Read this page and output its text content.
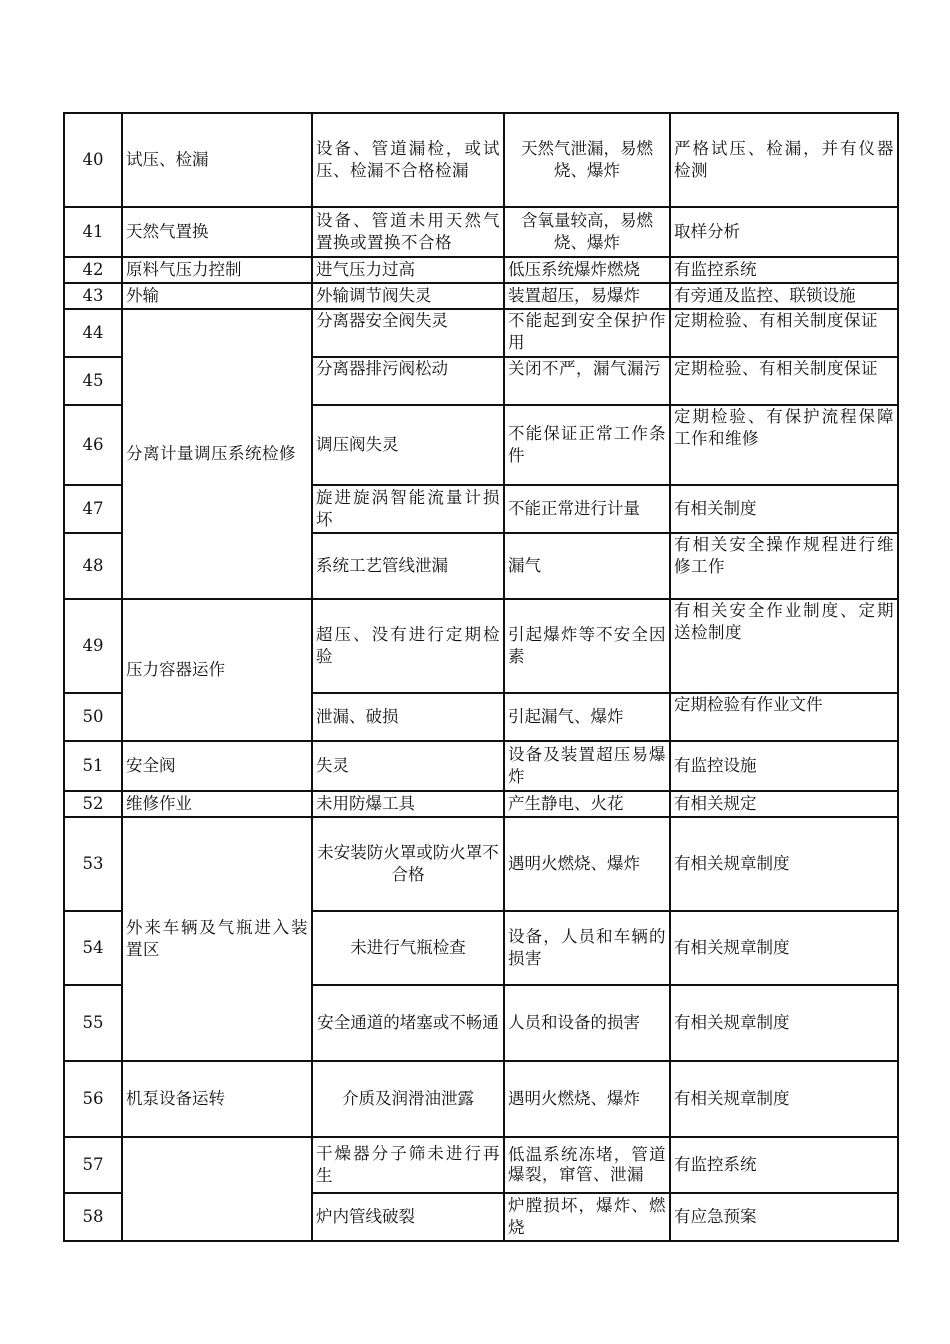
40	试压、检漏	设备、管道漏检，或试压、检漏不合格检漏	天然气泄漏，易燃烧、爆炸	严格试压、检漏，并有仪器检测
41	天然气置换	设备、管道未用天然气置换或置换不合格	含氧量较高，易燃烧、爆炸	取样分析
42	原料气压力控制	进气压力过高	低压系统爆炸燃烧	有监控系统
43	外输	外输调节阀失灵	装置超压，易爆炸	有旁通及监控、联锁设施
44	分离计量调压系统检修	分离器安全阀失灵	不能起到安全保护作用	定期检验、有相关制度保证
45		分离器排污阀松动	关闭不严，漏气漏污	定期检验、有相关制度保证
46		调压阀失灵	不能保证正常工作条件	定期检验、有保护流程保障工作和维修
47		旋进旋涡智能流量计损坏	不能正常进行计量	有相关制度
48		系统工艺管线泄漏	漏气	有相关安全操作规程进行维修工作
49	压力容器运作	超压、没有进行定期检验	引起爆炸等不安全因素	有相关安全作业制度、定期送检制度
50		泄漏、破损	引起漏气、爆炸	定期检验有作业文件
51	安全阀	失灵	设备及装置超压易爆炸	有监控设施
52	维修作业	未用防爆工具	产生静电、火花	有相关规定
53	外来车辆及气瓶进入装置区	未安装防火罩或防火罩不合格	遇明火燃烧、爆炸	有相关规章制度
54		未进行气瓶检查	设备，人员和车辆的损害	有相关规章制度
55		安全通道的堵塞或不畅通	人员和设备的损害	有相关规章制度
56	机泵设备运转	介质及润滑油泄露	遇明火燃烧、爆炸	有相关规章制度
57		干燥器分子筛未进行再生	低温系统冻堵，管道爆裂，窜管、泄漏	有监控系统
58		炉内管线破裂	炉膛损坏，爆炸、燃烧	有应急预案
